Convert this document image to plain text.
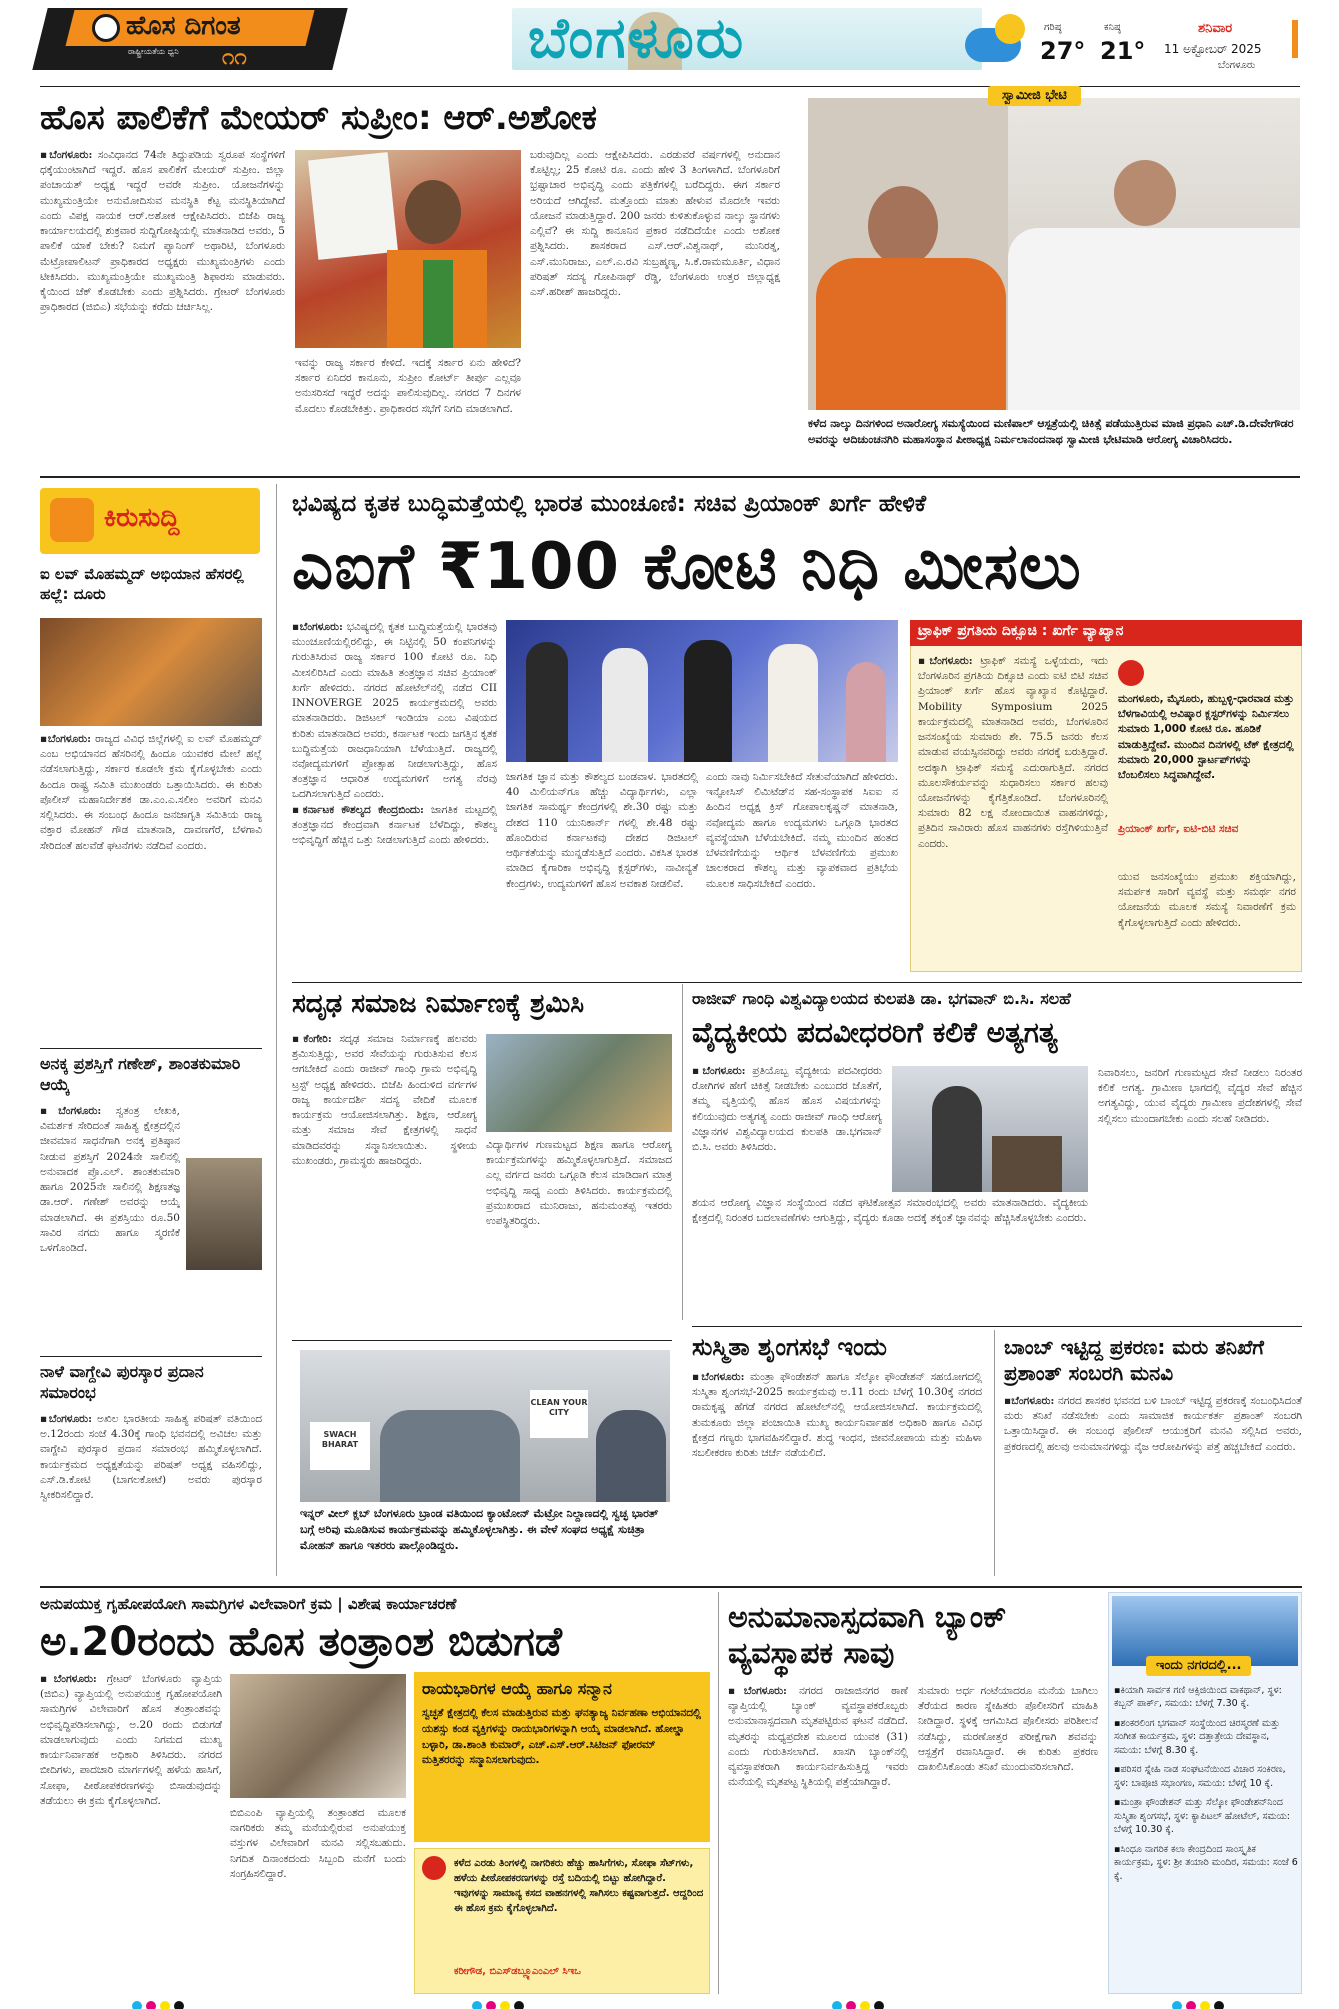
ಹೊಸ ದಿಗಂತ
ರಾಷ್ಟ್ರೀಯತೆಯ ಧ್ವನಿ ೧೧	ಬೆಂಗಳೂರು	ಗರಿಷ್ಠ
27°
ಕನಿಷ್ಠ
21°
ಶನಿವಾರ
11 ಅಕ್ಟೋಬರ್ 2025
ಬೆಂಗಳೂರು
ಹೊಸ ಪಾಲಿಕೆಗೆ ಮೇಯರ್ ಸುಪ್ರೀಂ: ಆರ್.ಅಶೋಕ
▪ ಬೆಂಗಳೂರು: ಸಂವಿಧಾನದ 74ನೇ ತಿದ್ದುಪಡಿಯ ಸ್ವರೂಪ ಸಂಸ್ಥೆಗಳಿಗೆ ಧಕ್ಕೆಯುಂಟಾಗಿದೆ ಇದ್ದರೆ. ಹೊಸ ಪಾಲಿಕೆಗೆ ಮೇಯರ್ ಸುಪ್ರೀಂ. ಜಿಲ್ಲಾ ಪಂಚಾಯತ್ ಅಧ್ಯಕ್ಷ ಇದ್ದರೆ ಅವರೇ ಸುಪ್ರೀಂ. ಯೋಜನೆಗಳನ್ನು ಮುಖ್ಯಮಂತ್ರಿಯೇ ಅನುಮೋದಿಸುವ ಮನಸ್ಥಿತಿ ಕೆಟ್ಟ ಮನಸ್ಥಿತಿಯಾಗಿದೆ ಎಂದು ವಿಪಕ್ಷ ನಾಯಕ ಆರ್.ಅಶೋಕ ಆಕ್ಷೇಪಿಸಿದರು. ಬಿಜೆಪಿ ರಾಜ್ಯ ಕಾರ್ಯಾಲಯದಲ್ಲಿ ಶುಕ್ರವಾರ ಸುದ್ದಿಗೋಷ್ಠಿಯಲ್ಲಿ ಮಾತನಾಡಿದ ಅವರು, 5 ಪಾಲಿಕೆ ಯಾಕೆ ಬೇಕು? ನಿಮಗೆ ಪ್ಯಾನಿಂಗ್ ಅಥಾರಿಟಿ, ಬೆಂಗಳೂರು ಮೆಟ್ರೋಪಾಲಿಟನ್ ಪ್ರಾಧಿಕಾರದ ಅಧ್ಯಕ್ಷರು ಮುಖ್ಯಮಂತ್ರಿಗಳು ಎಂದು ಟೀಕಿಸಿದರು. ಮುಖ್ಯಮಂತ್ರಿಯೇ ಮುಖ್ಯಮಂತ್ರಿ ಶಿಫಾರಸು ಮಾಡುವರು. ಕೈಯಿಂದ ಚೆಕ್ ಕೊಡಬೇಕು ಎಂದು ಪ್ರಶ್ನಿಸಿದರು. ಗ್ರೇಟರ್ ಬೆಂಗಳೂರು ಪ್ರಾಧಿಕಾರದ (ಜಿಬಿಎ) ಸಭೆಯನ್ನು ಕರೆದು ಚರ್ಚಿಸಿಲ್ಲ.
ಇವನ್ನು ರಾಜ್ಯ ಸರ್ಕಾರ ಕೇಳಿದೆ. ಇದಕ್ಕೆ ಸರ್ಕಾರ ಏನು ಹೇಳಿದೆ? ಸರ್ಕಾರ ಏನಿದರ ಕಾನೂನು, ಸುಪ್ರೀಂ ಕೋರ್ಟ್ ತೀರ್ಪು ಎಲ್ಲವೂ ಅನುಸರಿಸದೆ ಇದ್ದರೆ ಅದನ್ನು ಪಾಲಿಸುವುದಿಲ್ಲ. ನಗರದ 7 ದಿನಗಳ ಮೊದಲು ಕೊಡಬೇಕಿತ್ತು. ಪ್ರಾಧಿಕಾರದ ಸಭೆಗೆ ನಿಗದಿ ಮಾಡಲಾಗಿದೆ.
ಬರುವುದಿಲ್ಲ ಎಂದು ಆಕ್ಷೇಪಿಸಿದರು. ಎರಡುವರೆ ವರ್ಷಗಳಲ್ಲಿ ಅನುದಾನ ಕೊಟ್ಟಿಲ್ಲ; 25 ಕೋಟಿ ರೂ. ಎಂದು ಹೇಳಿ 3 ತಿಂಗಳಾಗಿದೆ. ಬೆಂಗಳೂರಿಗೆ ಭ್ರಷ್ಟಾಚಾರ ಅಭಿವೃದ್ಧಿ ಎಂದು ಪತ್ರಿಕೆಗಳಲ್ಲಿ ಬರೆದಿದ್ದರು. ಈಗ ಸರ್ಕಾರ ಅರಿಯದೆ ಆಗಿದ್ದೇವೆ. ಮತ್ತೊಂದು ಮಾತು ಹೇಳುವ ಮೊದಲೇ ಇವರು ಯೋಜನೆ ಮಾಡುತ್ತಿದ್ದಾರೆ. 200 ಜನರು ಕುಳಿತುಕೊಳ್ಳುವ ನಾಲ್ಕು ಸ್ಥಾನಗಳು ಎಲ್ಲಿವೆ? ಈ ಸುದ್ದಿ ಕಾನೂನಿನ ಪ್ರಕಾರ ನಡೆದಿದೆಯೇ ಎಂದು ಅಶೋಕ ಪ್ರಶ್ನಿಸಿದರು. ಶಾಸಕರಾದ ಎಸ್.ಆರ್.ವಿಶ್ವನಾಥ್, ಮುನಿರತ್ನ, ಎಸ್.ಮುನಿರಾಜು, ಎಲ್.ಎ.ರವಿ ಸುಬ್ರಹ್ಮಣ್ಯ, ಸಿ.ಕೆ.ರಾಮಮೂರ್ತಿ, ವಿಧಾನ ಪರಿಷತ್ ಸದಸ್ಯ ಗೋಪಿನಾಥ್ ರೆಡ್ಡಿ, ಬೆಂಗಳೂರು ಉತ್ತರ ಜಿಲ್ಲಾಧ್ಯಕ್ಷ ಎಸ್.ಹರೀಶ್ ಹಾಜರಿದ್ದರು.
ಸ್ವಾಮೀಜಿ ಭೇಟಿ
ಕಳೆದ ನಾಲ್ಕು ದಿನಗಳಿಂದ ಅನಾರೋಗ್ಯ ಸಮಸ್ಯೆಯಿಂದ ಮಣಿಪಾಲ್ ಆಸ್ಪತ್ರೆಯಲ್ಲಿ ಚಿಕಿತ್ಸೆ ಪಡೆಯುತ್ತಿರುವ ಮಾಜಿ ಪ್ರಧಾನಿ ಎಚ್.ಡಿ.ದೇವೇಗೌಡರ ಅವರನ್ನು ಆದಿಚುಂಚನಗಿರಿ ಮಹಾಸಂಸ್ಥಾನ ಪೀಠಾಧ್ಯಕ್ಷ ನಿರ್ಮಲಾನಂದನಾಥ ಸ್ವಾಮೀಜಿ ಭೇಟಿಮಾಡಿ ಆರೋಗ್ಯ ವಿಚಾರಿಸಿದರು.
ಕಿರುಸುದ್ದಿ
ಐ ಲವ್ ಮೊಹಮ್ಮದ್ ಅಭಿಯಾನ ಹೆಸರಲ್ಲಿ ಹಲ್ಲೆ: ದೂರು
▪ ಬೆಂಗಳೂರು: ರಾಜ್ಯದ ವಿವಿಧ ಜಿಲ್ಲೆಗಳಲ್ಲಿ ಐ ಲವ್ ಮೊಹಮ್ಮದ್ ಎಂಬ ಅಭಿಯಾನದ ಹೆಸರಿನಲ್ಲಿ ಹಿಂದೂ ಯುವಕರ ಮೇಲೆ ಹಲ್ಲೆ ನಡೆಸಲಾಗುತ್ತಿದ್ದು, ಸರ್ಕಾರ ಕೂಡಲೇ ಕ್ರಮ ಕೈಗೊಳ್ಳಬೇಕು ಎಂದು ಹಿಂದೂ ರಾಷ್ಟ್ರ ಸಮಿತಿ ಮುಖಂಡರು ಒತ್ತಾಯಿಸಿದರು. ಈ ಕುರಿತು ಪೊಲೀಸ್ ಮಹಾನಿರ್ದೇಶಕ ಡಾ.ಎಂ.ಎ.ಸಲೀಂ ಅವರಿಗೆ ಮನವಿ ಸಲ್ಲಿಸಿದರು. ಈ ಸಂಬಂಧ ಹಿಂದೂ ಜನಜಾಗೃತಿ ಸಮಿತಿಯ ರಾಜ್ಯ ವಕ್ತಾರ ಮೋಹನ್ ಗೌಡ ಮಾತನಾಡಿ, ದಾವಣಗೆರೆ, ಬೆಳಗಾವಿ ಸೇರಿದಂತೆ ಹಲವೆಡೆ ಘಟನೆಗಳು ನಡೆದಿವೆ ಎಂದರು.
ಅನಕ್ಕ ಪ್ರಶಸ್ತಿಗೆ ಗಣೇಶ್, ಶಾಂತಕುಮಾರಿ ಆಯ್ಕೆ
▪ ಬೆಂಗಳೂರು: ಸ್ವತಂತ್ರ ಲೇಖಕಿ, ವಿಮರ್ಶಕ ಸೇರಿದಂತೆ ಸಾಹಿತ್ಯ ಕ್ಷೇತ್ರದಲ್ಲಿನ ಜೀವಮಾನ ಸಾಧನೆಗಾಗಿ ಅನಕ್ಕ ಪ್ರತಿಷ್ಠಾನ ನೀಡುವ ಪ್ರಶಸ್ತಿಗೆ 2024ನೇ ಸಾಲಿನಲ್ಲಿ ಅನುವಾದಕ ಪ್ರೊ.ಎಲ್. ಶಾಂತಕುಮಾರಿ ಹಾಗೂ 2025ನೇ ಸಾಲಿನಲ್ಲಿ ಶಿಕ್ಷಣತಜ್ಞ ಡಾ.ಆರ್. ಗಣೇಶ್ ಅವರನ್ನು ಆಯ್ಕೆ ಮಾಡಲಾಗಿದೆ. ಈ ಪ್ರಶಸ್ತಿಯು ರೂ.50 ಸಾವಿರ ನಗದು ಹಾಗೂ ಸ್ಮರಣಿಕೆ ಒಳಗೊಂಡಿದೆ.
ನಾಳೆ ವಾಗ್ದೇವಿ ಪುರಸ್ಕಾರ ಪ್ರದಾನ ಸಮಾರಂಭ
▪ ಬೆಂಗಳೂರು: ಅಖಿಲ ಭಾರತೀಯ ಸಾಹಿತ್ಯ ಪರಿಷತ್ ವತಿಯಿಂದ ಅ.12ರಂದು ಸಂಜೆ 4.30ಕ್ಕೆ ಗಾಂಧಿ ಭವನದಲ್ಲಿ ಅವಿಚಲ ಮತ್ತು ವಾಗ್ದೇವಿ ಪುರಸ್ಕಾರ ಪ್ರದಾನ ಸಮಾರಂಭ ಹಮ್ಮಿಕೊಳ್ಳಲಾಗಿದೆ. ಕಾರ್ಯಕ್ರಮದ ಅಧ್ಯಕ್ಷತೆಯನ್ನು ಪರಿಷತ್ ಅಧ್ಯಕ್ಷ ವಹಿಸಲಿದ್ದು, ಎಸ್.ಡಿ.ಕೋಟಿ (ಬಾಗಲಕೋಟೆ) ಅವರು ಪುರಸ್ಕಾರ ಸ್ವೀಕರಿಸಲಿದ್ದಾರೆ.
ಭವಿಷ್ಯದ ಕೃತಕ ಬುದ್ಧಿಮತ್ತೆಯಲ್ಲಿ ಭಾರತ ಮುಂಚೂಣಿ: ಸಚಿವ ಪ್ರಿಯಾಂಕ್ ಖರ್ಗೆ ಹೇಳಿಕೆ
ಎಐಗೆ ₹100 ಕೋಟಿ ನಿಧಿ ಮೀಸಲು
▪ ಬೆಂಗಳೂರು: ಭವಿಷ್ಯದಲ್ಲಿ ಕೃತಕ ಬುದ್ಧಿಮತ್ತೆಯಲ್ಲಿ ಭಾರತವು ಮುಂಚೂಣಿಯಲ್ಲಿರಲಿದ್ದು, ಈ ನಿಟ್ಟಿನಲ್ಲಿ 50 ಕಂಪನಿಗಳನ್ನು ಗುರುತಿಸಿರುವ ರಾಜ್ಯ ಸರ್ಕಾರ 100 ಕೋಟಿ ರೂ. ನಿಧಿ ಮೀಸಲಿರಿಸಿದೆ ಎಂದು ಮಾಹಿತಿ ತಂತ್ರಜ್ಞಾನ ಸಚಿವ ಪ್ರಿಯಾಂಕ್ ಖರ್ಗೆ ಹೇಳಿದರು. ನಗರದ ಹೋಟೆಲ್‌ನಲ್ಲಿ ನಡೆದ CII INNOVERGE 2025 ಕಾರ್ಯಕ್ರಮದಲ್ಲಿ ಅವರು ಮಾತನಾಡಿದರು. ಡಿಜಿಟಲ್ ಇಂಡಿಯಾ ಎಂಬ ವಿಷಯದ ಕುರಿತು ಮಾತನಾಡಿದ ಅವರು, ಕರ್ನಾಟಕ ಇಂದು ಜಗತ್ತಿನ ಕೃತಕ ಬುದ್ಧಿಮತ್ತೆಯ ರಾಜಧಾನಿಯಾಗಿ ಬೆಳೆಯುತ್ತಿದೆ. ರಾಜ್ಯದಲ್ಲಿ ನವೋದ್ಯಮಗಳಿಗೆ ಪ್ರೋತ್ಸಾಹ ನೀಡಲಾಗುತ್ತಿದ್ದು, ಹೊಸ ತಂತ್ರಜ್ಞಾನ ಆಧಾರಿತ ಉದ್ಯಮಗಳಿಗೆ ಅಗತ್ಯ ನೆರವು ಒದಗಿಸಲಾಗುತ್ತಿದೆ ಎಂದರು.
▪ ಕರ್ನಾಟಕ ಕೌಶಲ್ಯದ ಕೇಂದ್ರಬಿಂದು: ಜಾಗತಿಕ ಮಟ್ಟದಲ್ಲಿ ತಂತ್ರಜ್ಞಾನದ ಕೇಂದ್ರವಾಗಿ ಕರ್ನಾಟಕ ಬೆಳೆದಿದ್ದು, ಕೌಶಲ್ಯ ಅಭಿವೃದ್ಧಿಗೆ ಹೆಚ್ಚಿನ ಒತ್ತು ನೀಡಲಾಗುತ್ತಿದೆ ಎಂದು ಹೇಳಿದರು.
ಜಾಗತಿಕ ಜ್ಞಾನ ಮತ್ತು ಕೌಶಲ್ಯದ ಬಂಡವಾಳ. ಭಾರತದಲ್ಲಿ 40 ಮಿಲಿಯನ್‌ಗೂ ಹೆಚ್ಚು ವಿದ್ಯಾರ್ಥಿಗಳು, ಎಲ್ಲಾ ಜಾಗತಿಕ ಸಾಮರ್ಥ್ಯ ಕೇಂದ್ರಗಳಲ್ಲಿ ಶೇ.30 ರಷ್ಟು ಮತ್ತು ದೇಶದ 110 ಯುನಿಕಾರ್ನ್ ಗಳಲ್ಲಿ ಶೇ.48 ರಷ್ಟು ಹೊಂದಿರುವ ಕರ್ನಾಟಕವು ದೇಶದ ಡಿಜಿಟಲ್ ಆರ್ಥಿಕತೆಯನ್ನು ಮುನ್ನಡೆಸುತ್ತಿದೆ ಎಂದರು. ವಿಕಸಿತ ಭಾರತ ಮಾಡಿದ ಕೈಗಾರಿಕಾ ಅಭಿವೃದ್ಧಿ ಕ್ಲಸ್ಟರ್‌ಗಳು, ನಾವೀನ್ಯತೆ ಕೇಂದ್ರಗಳು, ಉದ್ಯಮಗಳಿಗೆ ಹೊಸ ಅವಕಾಶ ನೀಡಲಿವೆ.
ಎಂದು ನಾವು ನಿರ್ಮಿಸಬೇಕಿದೆ ಸೇತುವೆಯಾಗಿದೆ ಹೇಳಿದರು. ಇನ್ಫೋಸಿಸ್ ಲಿಮಿಟೆಡ್‌ನ ಸಹ-ಸಂಸ್ಥಾಪಕ ಸಿಐಐ ನ ಹಿಂದಿನ ಅಧ್ಯಕ್ಷ ಕ್ರಿಸ್ ಗೋಪಾಲಕೃಷ್ಣನ್ ಮಾತನಾಡಿ, ನವೋದ್ಯಮ ಹಾಗೂ ಉದ್ಯಮಗಳು ಒಗ್ಗೂಡಿ ಭಾರತದ ವ್ಯವಸ್ಥೆಯಾಗಿ ಬೆಳೆಯಬೇಕಿದೆ. ನಮ್ಮ ಮುಂದಿನ ಹಂತದ ಬೆಳವಣಿಗೆಯನ್ನು ಆರ್ಥಿಕ ಬೆಳವಣಿಗೆಯ ಪ್ರಮುಖ ಚಾಲಕರಾದ ಕೌಶಲ್ಯ ಮತ್ತು ವ್ಯಾಪಕವಾದ ಪ್ರತಿಭೆಯ ಮೂಲಕ ಸಾಧಿಸಬೇಕಿದೆ ಎಂದರು.
ಟ್ರಾಫಿಕ್ ಪ್ರಗತಿಯ ದಿಕ್ಸೂಚಿ : ಖರ್ಗೆ ವ್ಯಾಖ್ಯಾನ
▪ ಬೆಂಗಳೂರು: ಟ್ರಾಫಿಕ್ ಸಮಸ್ಯೆ ಒಳ್ಳೆಯದು, ಇದು ಬೆಂಗಳೂರಿನ ಪ್ರಗತಿಯ ದಿಕ್ಸೂಚಿ ಎಂದು ಐಟಿ ಬಿಟಿ ಸಚಿವ ಪ್ರಿಯಾಂಕ್ ಖರ್ಗೆ ಹೊಸ ವ್ಯಾಖ್ಯಾನ ಕೊಟ್ಟಿದ್ದಾರೆ. Mobility Symposium 2025 ಕಾರ್ಯಕ್ರಮದಲ್ಲಿ ಮಾತನಾಡಿದ ಅವರು, ಬೆಂಗಳೂರಿನ ಜನಸಂಖ್ಯೆಯ ಸುಮಾರು ಶೇ. 75.5 ಜನರು ಕೆಲಸ ಮಾಡುವ ವಯಸ್ಸಿನವರಿದ್ದು ಅವರು ನಗರಕ್ಕೆ ಬರುತ್ತಿದ್ದಾರೆ. ಅದಕ್ಕಾಗಿ ಟ್ರಾಫಿಕ್ ಸಮಸ್ಯೆ ಎದುರಾಗುತ್ತಿದೆ. ನಗರದ ಮೂಲಸೌಕರ್ಯವನ್ನು ಸುಧಾರಿಸಲು ಸರ್ಕಾರ ಹಲವು ಯೋಜನೆಗಳನ್ನು ಕೈಗೆತ್ತಿಕೊಂಡಿದೆ. ಬೆಂಗಳೂರಿನಲ್ಲಿ ಸುಮಾರು 82 ಲಕ್ಷ ನೋಂದಾಯಿತ ವಾಹನಗಳಿದ್ದು, ಪ್ರತಿದಿನ ಸಾವಿರಾರು ಹೊಸ ವಾಹನಗಳು ರಸ್ತೆಗಿಳಿಯುತ್ತಿವೆ ಎಂದರು.
ಮಂಗಳೂರು, ಮೈಸೂರು, ಹುಬ್ಬಳ್ಳಿ-ಧಾರವಾಡ ಮತ್ತು ಬೆಳಗಾವಿಯಲ್ಲಿ ಆವಿಷ್ಕಾರ ಕ್ಲಸ್ಟರ್‌ಗಳನ್ನು ನಿರ್ಮಿಸಲು ಸುಮಾರು 1,000 ಕೋಟಿ ರೂ. ಹೂಡಿಕೆ ಮಾಡುತ್ತಿದ್ದೇವೆ. ಮುಂದಿನ ದಿನಗಳಲ್ಲಿ ಟೆಕ್ ಕ್ಷೇತ್ರದಲ್ಲಿ ಸುಮಾರು 20,000 ಸ್ಟಾರ್ಟಪ್‌ಗಳನ್ನು ಬೆಂಬಲಿಸಲು ಸಿದ್ಧವಾಗಿದ್ದೇವೆ.
ಪ್ರಿಯಾಂಕ್ ಖರ್ಗೆ, ಐಟಿ-ಬಿಟಿ ಸಚಿವ
ಯುವ ಜನಸಂಖ್ಯೆಯು ಪ್ರಮುಖ ಶಕ್ತಿಯಾಗಿದ್ದು, ಸಮರ್ಪಕ ಸಾರಿಗೆ ವ್ಯವಸ್ಥೆ ಮತ್ತು ಸಮರ್ಥ ನಗರ ಯೋಜನೆಯ ಮೂಲಕ ಸಮಸ್ಯೆ ನಿವಾರಣೆಗೆ ಕ್ರಮ ಕೈಗೊಳ್ಳಲಾಗುತ್ತಿದೆ ಎಂದು ಹೇಳಿದರು.
ಸದೃಢ ಸಮಾಜ ನಿರ್ಮಾಣಕ್ಕೆ ಶ್ರಮಿಸಿ
▪ ಕೆಂಗೇರಿ: ಸದೃಢ ಸಮಾಜ ನಿರ್ಮಾಣಕ್ಕೆ ಹಲವರು ಶ್ರಮಿಸುತ್ತಿದ್ದು, ಅವರ ಸೇವೆಯನ್ನು ಗುರುತಿಸುವ ಕೆಲಸ ಆಗಬೇಕಿದೆ ಎಂದು ರಾಜೀವ್ ಗಾಂಧಿ ಗ್ರಾಮ ಅಭಿವೃದ್ಧಿ ಟ್ರಸ್ಟ್ ಅಧ್ಯಕ್ಷ ಹೇಳಿದರು. ಬಿಜೆಪಿ ಹಿಂದುಳಿದ ವರ್ಗಗಳ ರಾಜ್ಯ ಕಾರ್ಯದರ್ಶಿ ಸದಸ್ಯ ವೇದಿಕೆ ಮೂಲಕ ಕಾರ್ಯಕ್ರಮ ಆಯೋಜಿಸಲಾಗಿತ್ತು. ಶಿಕ್ಷಣ, ಆರೋಗ್ಯ ಮತ್ತು ಸಮಾಜ ಸೇವೆ ಕ್ಷೇತ್ರಗಳಲ್ಲಿ ಸಾಧನೆ ಮಾಡಿದವರನ್ನು ಸನ್ಮಾನಿಸಲಾಯಿತು. ಸ್ಥಳೀಯ ಮುಖಂಡರು, ಗ್ರಾಮಸ್ಥರು ಹಾಜರಿದ್ದರು.
ವಿದ್ಯಾರ್ಥಿಗಳ ಗುಣಮಟ್ಟದ ಶಿಕ್ಷಣ ಹಾಗೂ ಆರೋಗ್ಯ ಕಾರ್ಯಕ್ರಮಗಳನ್ನು ಹಮ್ಮಿಕೊಳ್ಳಲಾಗುತ್ತಿದೆ. ಸಮಾಜದ ಎಲ್ಲ ವರ್ಗದ ಜನರು ಒಗ್ಗೂಡಿ ಕೆಲಸ ಮಾಡಿದಾಗ ಮಾತ್ರ ಅಭಿವೃದ್ಧಿ ಸಾಧ್ಯ ಎಂದು ತಿಳಿಸಿದರು. ಕಾರ್ಯಕ್ರಮದಲ್ಲಿ ಪ್ರಮುಖರಾದ ಮುನಿರಾಜು, ಹನುಮಂತಪ್ಪ ಇತರರು ಉಪಸ್ಥಿತರಿದ್ದರು.
ರಾಜೀವ್ ಗಾಂಧಿ ವಿಶ್ವವಿದ್ಯಾಲಯದ ಕುಲಪತಿ ಡಾ. ಭಗವಾನ್ ಬಿ.ಸಿ. ಸಲಹೆ
ವೈದ್ಯಕೀಯ ಪದವೀಧರರಿಗೆ ಕಲಿಕೆ ಅತ್ಯಗತ್ಯ
▪ ಬೆಂಗಳೂರು: ಪ್ರತಿಯೊಬ್ಬ ವೈದ್ಯಕೀಯ ಪದವೀಧರರು ರೋಗಿಗಳ ಹೇಗೆ ಚಿಕಿತ್ಸೆ ನೀಡಬೇಕು ಎಂಬುದರ ಜೊತೆಗೆ, ತಮ್ಮ ವೃತ್ತಿಯಲ್ಲಿ ಹೊಸ ಹೊಸ ವಿಷಯಗಳನ್ನು ಕಲಿಯುವುದು ಅತ್ಯಗತ್ಯ ಎಂದು ರಾಜೀವ್ ಗಾಂಧಿ ಆರೋಗ್ಯ ವಿಜ್ಞಾನಗಳ ವಿಶ್ವವಿದ್ಯಾಲಯದ ಕುಲಪತಿ ಡಾ.ಭಗವಾನ್ ಬಿ.ಸಿ. ಅವರು ತಿಳಿಸಿದರು.
ಶಯನ ಆರೋಗ್ಯ ವಿಜ್ಞಾನ ಸಂಸ್ಥೆಯಿಂದ ನಡೆದ ಘಟಿಕೋತ್ಸವ ಸಮಾರಂಭದಲ್ಲಿ ಅವರು ಮಾತನಾಡಿದರು. ವೈದ್ಯಕೀಯ ಕ್ಷೇತ್ರದಲ್ಲಿ ನಿರಂತರ ಬದಲಾವಣೆಗಳು ಆಗುತ್ತಿದ್ದು, ವೈದ್ಯರು ಕೂಡಾ ಅದಕ್ಕೆ ತಕ್ಕಂತೆ ಜ್ಞಾನವನ್ನು ಹೆಚ್ಚಿಸಿಕೊಳ್ಳಬೇಕು ಎಂದರು.
ನಿವಾರಿಸಲು, ಜನರಿಗೆ ಗುಣಮಟ್ಟದ ಸೇವೆ ನೀಡಲು ನಿರಂತರ ಕಲಿಕೆ ಅಗತ್ಯ. ಗ್ರಾಮೀಣ ಭಾಗದಲ್ಲಿ ವೈದ್ಯರ ಸೇವೆ ಹೆಚ್ಚಿನ ಅಗತ್ಯವಿದ್ದು, ಯುವ ವೈದ್ಯರು ಗ್ರಾಮೀಣ ಪ್ರದೇಶಗಳಲ್ಲಿ ಸೇವೆ ಸಲ್ಲಿಸಲು ಮುಂದಾಗಬೇಕು ಎಂದು ಸಲಹೆ ನೀಡಿದರು.
SWACH BHARAT
CLEAN YOUR CITY
ಇನ್ನರ್ ವೀಲ್ ಕ್ಲಬ್ ಬೆಂಗಳೂರು ಬ್ರಾಂಡ ವತಿಯಿಂದ ಕ್ಯಾಂಟೋನ್ ಮೆಟ್ರೋ ನಿಲ್ದಾಣದಲ್ಲಿ ಸ್ವಚ್ಛ ಭಾರತ್ ಬಗ್ಗೆ ಅರಿವು ಮೂಡಿಸುವ ಕಾರ್ಯಕ್ರಮವನ್ನು ಹಮ್ಮಿಕೊಳ್ಳಲಾಗಿತ್ತು. ಈ ವೇಳೆ ಸಂಘದ ಅಧ್ಯಕ್ಷೆ ಸುಚಿತ್ರಾ ಮೋಹನ್ ಹಾಗೂ ಇತರರು ಪಾಲ್ಗೊಂಡಿದ್ದರು.
ಸುಸ್ಮಿತಾ ಶೃಂಗಸಭೆ ಇಂದು
▪ ಬೆಂಗಳೂರು: ಮಂತ್ರಾ ಫೌಂಡೇಶನ್ ಹಾಗೂ ಸೆಲ್ಕೋ ಫೌಂಡೇಶನ್ ಸಹಯೋಗದಲ್ಲಿ ಸುಸ್ಮಿತಾ ಶೃಂಗಸಭೆ-2025 ಕಾರ್ಯಕ್ರಮವು ಅ.11 ರಂದು ಬೆಳಗ್ಗೆ 10.30ಕ್ಕೆ ನಗರದ ರಾಮಕೃಷ್ಣ ಹೆಗಡೆ ನಗರದ ಹೋಟೆಲ್‌ನಲ್ಲಿ ಆಯೋಜಿಸಲಾಗಿದೆ. ಕಾರ್ಯಕ್ರಮದಲ್ಲಿ ತುಮಕೂರು ಜಿಲ್ಲಾ ಪಂಚಾಯಿತಿ ಮುಖ್ಯ ಕಾರ್ಯನಿರ್ವಾಹಕ ಅಧಿಕಾರಿ ಹಾಗೂ ವಿವಿಧ ಕ್ಷೇತ್ರದ ಗಣ್ಯರು ಭಾಗವಹಿಸಲಿದ್ದಾರೆ. ಶುದ್ಧ ಇಂಧನ, ಜೀವನೋಪಾಯ ಮತ್ತು ಮಹಿಳಾ ಸಬಲೀಕರಣ ಕುರಿತು ಚರ್ಚೆ ನಡೆಯಲಿದೆ.
ಬಾಂಬ್ ಇಟ್ಟಿದ್ದ ಪ್ರಕರಣ: ಮರು ತನಿಖೆಗೆ ಪ್ರಶಾಂತ್ ಸಂಬರಗಿ ಮನವಿ
▪ ಬೆಂಗಳೂರು: ನಗರದ ಶಾಸಕರ ಭವನದ ಬಳಿ ಬಾಂಬ್ ಇಟ್ಟಿದ್ದ ಪ್ರಕರಣಕ್ಕೆ ಸಂಬಂಧಿಸಿದಂತೆ ಮರು ತನಿಖೆ ನಡೆಸಬೇಕು ಎಂದು ಸಾಮಾಜಿಕ ಕಾರ್ಯಕರ್ತ ಪ್ರಶಾಂತ್ ಸಂಬರಗಿ ಒತ್ತಾಯಿಸಿದ್ದಾರೆ. ಈ ಸಂಬಂಧ ಪೊಲೀಸ್ ಆಯುಕ್ತರಿಗೆ ಮನವಿ ಸಲ್ಲಿಸಿದ ಅವರು, ಪ್ರಕರಣದಲ್ಲಿ ಹಲವು ಅನುಮಾನಗಳಿದ್ದು ನೈಜ ಆರೋಪಿಗಳನ್ನು ಪತ್ತೆ ಹಚ್ಚಬೇಕಿದೆ ಎಂದರು.
ಅನುಪಯುಕ್ತ ಗೃಹೋಪಯೋಗಿ ಸಾಮಗ್ರಿಗಳ ವಿಲೇವಾರಿಗೆ ಕ್ರಮ | ವಿಶೇಷ ಕಾರ್ಯಾಚರಣೆ
ಅ.20ರಂದು ಹೊಸ ತಂತ್ರಾಂಶ ಬಿಡುಗಡೆ
▪ ಬೆಂಗಳೂರು: ಗ್ರೇಟರ್ ಬೆಂಗಳೂರು ವ್ಯಾಪ್ತಿಯ (ಜಿಬಿಎ) ವ್ಯಾಪ್ತಿಯಲ್ಲಿ ಅನುಪಯುಕ್ತ ಗೃಹೋಪಯೋಗಿ ಸಾಮಗ್ರಿಗಳ ವಿಲೇವಾರಿಗೆ ಹೊಸ ತಂತ್ರಾಂಶವನ್ನು ಅಭಿವೃದ್ಧಿಪಡಿಸಲಾಗಿದ್ದು, ಅ.20 ರಂದು ಬಿಡುಗಡೆ ಮಾಡಲಾಗುವುದು ಎಂದು ನಿಗಮದ ಮುಖ್ಯ ಕಾರ್ಯನಿರ್ವಾಹಕ ಅಧಿಕಾರಿ ತಿಳಿಸಿದರು. ನಗರದ ಬೀದಿಗಳು, ಪಾದಚಾರಿ ಮಾರ್ಗಗಳಲ್ಲಿ ಹಳೆಯ ಹಾಸಿಗೆ, ಸೋಫಾ, ಪೀಠೋಪಕರಣಗಳನ್ನು ಬಿಸಾಡುವುದನ್ನು ತಡೆಯಲು ಈ ಕ್ರಮ ಕೈಗೊಳ್ಳಲಾಗಿದೆ.
ಬಿಬಿಎಂಪಿ ವ್ಯಾಪ್ತಿಯಲ್ಲಿ ತಂತ್ರಾಂಶದ ಮೂಲಕ ನಾಗರಿಕರು ತಮ್ಮ ಮನೆಯಲ್ಲಿರುವ ಅನುಪಯುಕ್ತ ವಸ್ತುಗಳ ವಿಲೇವಾರಿಗೆ ಮನವಿ ಸಲ್ಲಿಸಬಹುದು. ನಿಗದಿತ ದಿನಾಂಕದಂದು ಸಿಬ್ಬಂದಿ ಮನೆಗೆ ಬಂದು ಸಂಗ್ರಹಿಸಲಿದ್ದಾರೆ.
ರಾಯಭಾರಿಗಳ ಆಯ್ಕೆ ಹಾಗೂ ಸನ್ಮಾನ
ಸ್ವಚ್ಛತೆ ಕ್ಷೇತ್ರದಲ್ಲಿ ಕೆಲಸ ಮಾಡುತ್ತಿರುವ ಮತ್ತು ಘನತ್ಯಾಜ್ಯ ನಿರ್ವಹಣಾ ಅಭಿಯಾನದಲ್ಲಿ ಯಶಸ್ಸು ಕಂಡ ವ್ಯಕ್ತಿಗಳನ್ನು ರಾಯಭಾರಿಗಳನ್ನಾಗಿ ಆಯ್ಕೆ ಮಾಡಲಾಗಿದೆ. ಹೋಲ್ಡಾ ಬಳ್ಳಾರಿ, ಡಾ.ಶಾಂತಿ ಕುಮಾರ್, ಎಚ್.ಎಸ್.ಆರ್.ಸಿಟಿಜನ್ ಫೋರಮ್ ಮತ್ತಿತರರನ್ನು ಸನ್ಮಾನಿಸಲಾಗುವುದು.
ಕಳೆದ ಎರಡು ತಿಂಗಳಲ್ಲಿ ನಾಗರಿಕರು ಹೆಚ್ಚು ಹಾಸಿಗೆಗಳು, ಸೋಫಾ ಸೆಟ್‌ಗಳು, ಹಳೆಯ ಪೀಠೋಪಕರಣಗಳನ್ನು ರಸ್ತೆ ಬದಿಯಲ್ಲಿ ಬಿಟ್ಟು ಹೋಗಿದ್ದಾರೆ. ಇವುಗಳನ್ನು ಸಾಮಾನ್ಯ ಕಸದ ವಾಹನಗಳಲ್ಲಿ ಸಾಗಿಸಲು ಕಷ್ಟವಾಗುತ್ತದೆ. ಆದ್ದರಿಂದ ಈ ಹೊಸ ಕ್ರಮ ಕೈಗೊಳ್ಳಲಾಗಿದೆ.
ಕರೀಗೌಡ, ಬಿಎಸ್‌ಡಬ್ಲ್ಯೂಎಂಎಲ್ ಸಿಇಒ
ಅನುಮಾನಾಸ್ಪದವಾಗಿ ಬ್ಯಾಂಕ್ ವ್ಯವಸ್ಥಾಪಕ ಸಾವು
▪ ಬೆಂಗಳೂರು: ನಗರದ ರಾಜಾಜಿನಗರ ಠಾಣೆ ವ್ಯಾಪ್ತಿಯಲ್ಲಿ ಬ್ಯಾಂಕ್ ವ್ಯವಸ್ಥಾಪಕರೊಬ್ಬರು ಅನುಮಾನಾಸ್ಪದವಾಗಿ ಮೃತಪಟ್ಟಿರುವ ಘಟನೆ ನಡೆದಿದೆ. ಮೃತರನ್ನು ಮಧ್ಯಪ್ರದೇಶ ಮೂಲದ ಯುವಕ (31) ಎಂದು ಗುರುತಿಸಲಾಗಿದೆ. ಖಾಸಗಿ ಬ್ಯಾಂಕ್‌ನಲ್ಲಿ ವ್ಯವಸ್ಥಾಪಕರಾಗಿ ಕಾರ್ಯನಿರ್ವಹಿಸುತ್ತಿದ್ದ ಇವರು ಮನೆಯಲ್ಲಿ ಮೃತಪಟ್ಟ ಸ್ಥಿತಿಯಲ್ಲಿ ಪತ್ತೆಯಾಗಿದ್ದಾರೆ.
ಸುಮಾರು ಅರ್ಧ ಗಂಟೆಯಾದರೂ ಮನೆಯ ಬಾಗಿಲು ತೆರೆಯದ ಕಾರಣ ಸ್ನೇಹಿತರು ಪೊಲೀಸರಿಗೆ ಮಾಹಿತಿ ನೀಡಿದ್ದಾರೆ. ಸ್ಥಳಕ್ಕೆ ಆಗಮಿಸಿದ ಪೊಲೀಸರು ಪರಿಶೀಲನೆ ನಡೆಸಿದ್ದು, ಮರಣೋತ್ತರ ಪರೀಕ್ಷೆಗಾಗಿ ಶವವನ್ನು ಆಸ್ಪತ್ರೆಗೆ ರವಾನಿಸಿದ್ದಾರೆ. ಈ ಕುರಿತು ಪ್ರಕರಣ ದಾಖಲಿಸಿಕೊಂಡು ತನಿಖೆ ಮುಂದುವರಿಸಲಾಗಿದೆ.
ಇಂದು ನಗರದಲ್ಲಿ...
▪ ಕಿಯಾಗಿ ಸಾರ್ವಕ ಗಣಿ ಆಕ್ಸಿಜಿಯಿಂದ ವಾಕಥಾನ್, ಸ್ಥಳ: ಕಬ್ಬನ್ ಪಾರ್ಕ್, ಸಮಯ: ಬೆಳಗ್ಗೆ 7.30 ಕ್ಕೆ.
▪ ಶಂಕರಲಿಂಗ ಭಗವಾನ್ ಸಂಸ್ಥೆಯಿಂದ ಚಿರಸ್ಮರಣೆ ಮತ್ತು ಸಂಗೀತ ಕಾರ್ಯಕ್ರಮ, ಸ್ಥಳ: ದತ್ತಾತ್ರೇಯ ದೇವಸ್ಥಾನ, ಸಮಯ: ಬೆಳಗ್ಗೆ 8.30 ಕ್ಕೆ.
▪ ಪರಿಸರ ಸ್ನೇಹಿ ನಾಡ ಸಂಘಟನೆಯಿಂದ ವಿಚಾರ ಸಂಕಿರಣ, ಸ್ಥಳ: ಬಾಪೂಜಿ ಸಭಾಂಗಣ, ಸಮಯ: ಬೆಳಗ್ಗೆ 10 ಕ್ಕೆ.
▪ ಮಂತ್ರಾ ಫೌಂಡೇಶನ್ ಮತ್ತು ಸೆಲ್ಕೋ ಫೌಂಡೇಶನ್‌ನಿಂದ ಸುಸ್ಮಿತಾ ಶೃಂಗಸಭೆ, ಸ್ಥಳ: ಕ್ಯಾಪಿಟಲ್ ಹೋಟೆಲ್, ಸಮಯ: ಬೆಳಗ್ಗೆ 10.30 ಕ್ಕೆ.
▪ ಸಿಂಧೂ ನಾಗರಿಕ ಕಲಾ ಕೇಂದ್ರದಿಂದ ಸಾಂಸ್ಕೃತಿಕ ಕಾರ್ಯಕ್ರಮ, ಸ್ಥಳ: ಶ್ರೀ ತಯಾರಿ ಮಂದಿರ, ಸಮಯ: ಸಂಜೆ 6 ಕ್ಕೆ.
